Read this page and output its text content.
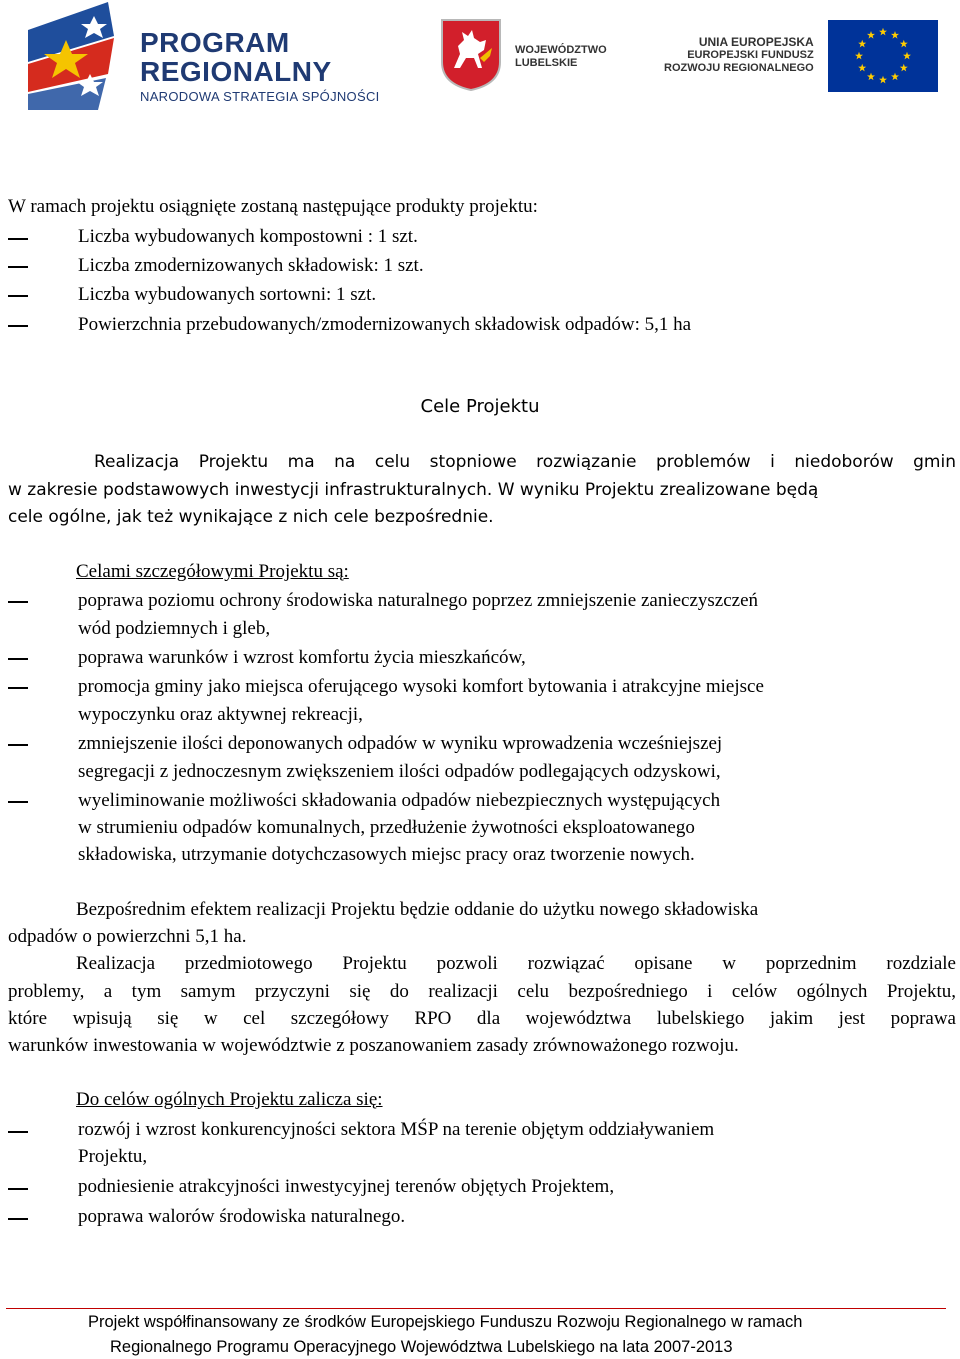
PROGRAM
REGIONALNY
NARODOWA STRATEGIA SPÓJNOŚCI
WOJEWÓDZTWO
LUBELSKIE
UNIA EUROPEJSKA
EUROPEJSKI FUNDUSZ
ROZWOJU REGIONALNEGO
W ramach projektu osiągnięte zostaną następujące produkty projektu:
Liczba wybudowanych kompostowni : 1 szt.
Liczba zmodernizowanych składowisk: 1 szt.
Liczba wybudowanych sortowni: 1 szt.
Powierzchnia przebudowanych/zmodernizowanych składowisk odpadów: 5,1 ha
Cele Projektu
Realizacja Projektu ma na celu stopniowe rozwiązanie problemów i niedoborów gmin
w zakresie podstawowych inwestycji infrastrukturalnych. W wyniku Projektu zrealizowane będą
cele ogólne, jak też wynikające z nich cele bezpośrednie.
Celami szczegółowymi Projektu są:
poprawa poziomu ochrony środowiska naturalnego poprzez zmniejszenie zanieczyszczeń
wód podziemnych i gleb,
poprawa warunków i wzrost komfortu życia mieszkańców,
promocja gminy jako miejsca oferującego wysoki komfort bytowania i atrakcyjne miejsce
wypoczynku oraz aktywnej rekreacji,
zmniejszenie ilości deponowanych odpadów w wyniku wprowadzenia wcześniejszej
segregacji z jednoczesnym zwiększeniem ilości odpadów podlegających odzyskowi,
wyeliminowanie możliwości składowania odpadów niebezpiecznych występujących
w strumieniu odpadów komunalnych, przedłużenie żywotności eksploatowanego
składowiska, utrzymanie dotychczasowych miejsc pracy oraz tworzenie nowych.
Bezpośrednim efektem realizacji Projektu będzie oddanie do użytku nowego składowiska
odpadów o powierzchni 5,1 ha.
Realizacja przedmiotowego Projektu pozwoli rozwiązać opisane w poprzednim rozdziale
problemy, a tym samym przyczyni się do realizacji celu bezpośredniego i celów ogólnych Projektu,
które wpisują się w cel szczegółowy RPO dla województwa lubelskiego jakim jest poprawa
warunków inwestowania w województwie z poszanowaniem zasady zrównoważonego rozwoju.
Do celów ogólnych Projektu zalicza się:
rozwój i wzrost konkurencyjności sektora MŚP na terenie objętym oddziaływaniem
Projektu,
podniesienie atrakcyjności inwestycyjnej terenów objętych Projektem,
poprawa walorów środowiska naturalnego.
Projekt współfinansowany ze środków Europejskiego Funduszu Rozwoju Regionalnego w ramach
Regionalnego Programu Operacyjnego Województwa Lubelskiego na lata 2007-2013
